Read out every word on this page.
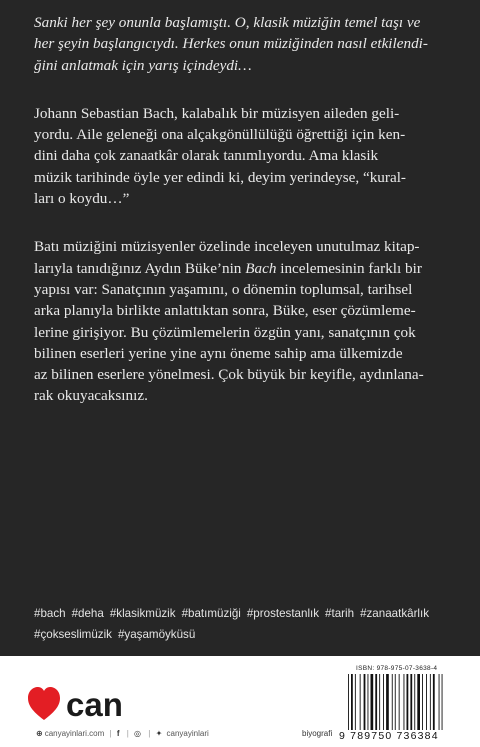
Sanki her şey onunla başlamıştı. O, klasik müziğin temel taşı ve
her şeyin başlangıcıydı. Herkes onun müziğinden nasıl etkilendi-
ğini anlatmak için yarış içindeydi…
Johann Sebastian Bach, kalabalık bir müzisyen aileden geli-
yordu. Aile geleneği ona alçakgönüllülüğü öğrettiği için ken-
dini daha çok zanaatkâr olarak tanımlıyordu. Ama klasik
müzik tarihinde öyle yer edindi ki, deyim yerindeyse, “kural-
ları o koydu…”
Batı müziğini müzisyenler özelinde inceleyen unutulmaz kitap-
larıyla tanıdığınız Aydın Büke’nin Bach incelemesinin farklı bir
yapısı var: Sanatçının yaşamını, o dönemin toplumsal, tarihsel
arka planıyla birlikte anlattıktan sonra, Büke, eser çözümleme-
lerine girişiyor. Bu çözümlemelerin özgün yanı, sanatçının çok
bilinen eserleri yerine yine aynı öneme sahip ama ülkemizde
az bilinen eserlere yönelmesi. Çok büyük bir keyifle, aydınlana-
rak okuyacaksınız.
#bach #deha #klasikmüzik #batımüziği #prostestanlık #tarih #zanaatkârlık
#çokseslimüzik #yaşamöyküsü
can
⊕ canyayinlari.com | f | ◎ | ✦ canyayinlari	biyografi
ISBN: 978-975-07-3638-4
9 789750 736384
